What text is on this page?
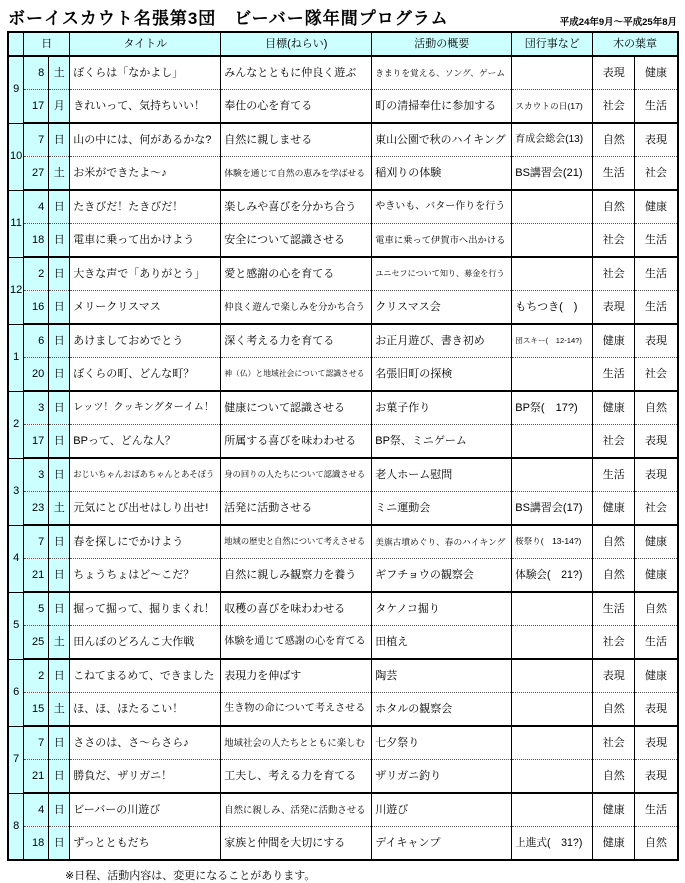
ボーイスカウト名張第3団　ビーバー隊年間プログラム	平成24年9月～平成25年8月
	日		タイトル	目標(ねらい)	活動の概要	団行事など	木の葉章	
9	8	土	ぼくらは「なかよし」	みんなとともに仲良く遊ぶ	きまりを覚える、ソング、ゲーム		表現	健康
	17	月	きれいって、気持ちいい！	奉仕の心を育てる	町の清掃奉仕に参加する	スカウトの日(17)	社会	生活
10	7	日	山の中には、何があるかな?	自然に親しませる	東山公園で秋のハイキング	育成会総会(13)	自然	表現
	27	土	お米ができたよ～♪	体験を通じて自然の恵みを学ばせる	稲刈りの体験	BS講習会(21)	生活	社会
11	4	日	たきびだ！たきびだ！	楽しみや喜びを分かち合う	やきいも、バター作りを行う		自然	健康
	18	日	電車に乗って出かけよう	安全について認識させる	電車に乗って伊賀市へ出かける		社会	生活
12	2	日	大きな声で「ありがとう」	愛と感謝の心を育てる	ユニセフについて知り、募金を行う		社会	生活
	16	日	メリークリスマス	仲良く遊んで楽しみを分かち合う	クリスマス会	もちつき(　)	表現	生活
1	6	日	あけましておめでとう	深く考える力を育てる	お正月遊び、書き初め	団スキー(　12-14?)	健康	表現
	20	日	ぼくらの町、どんな町？	神（仏）と地域社会について認識させる	名張旧町の探検		生活	社会
2	3	日	レッツ！クッキングターイム！	健康について認識させる	お菓子作り	BP祭(　17?)	健康	自然
	17	日	BPって、どんな人？	所属する喜びを味わわせる	BP祭、ミニゲーム		社会	表現
3	3	日	おじいちゃんおばあちゃんとあそぼう	身の回りの人たちについて認識させる	老人ホーム慰問		生活	表現
	23	土	元気にとび出せはしり出せ!	活発に活動させる	ミニ運動会	BS講習会(17)	健康	社会
4	7	日	春を探しにでかけよう	地域の歴史と自然について考えさせる	美旗古墳めぐり、春のハイキング	桜祭り(　13-14?)	自然	健康
	21	日	ちょうちょはど～こだ？	自然に親しみ観察力を養う	ギフチョウの観察会	体験会(　21?)	自然	健康
5	5	日	掘って掘って、掘りまくれ！	収穫の喜びを味わわせる	タケノコ掘り		生活	自然
	25	土	田んぼのどろんこ大作戦	体験を通じて感謝の心を育てる	田植え		社会	生活
6	2	日	こねてまるめて、できました	表現力を伸ばす	陶芸		表現	健康
	15	土	ほ、ほ、ほたるこい！	生き物の命について考えさせる	ホタルの観察会		自然	表現
7	7	日	ささのは、さ～らさら♪	地域社会の人たちとともに楽しむ	七夕祭り		社会	表現
	21	日	勝負だ、ザリガニ！	工夫し、考える力を育てる	ザリガニ釣り		自然	表現
8	4	日	ビーバーの川遊び	自然に親しみ、活発に活動させる	川遊び		健康	生活
	18	日	ずっとともだち	家族と仲間を大切にする	デイキャンプ	上進式(　31?)	健康	自然
※日程、活動内容は、変更になることがあります。
